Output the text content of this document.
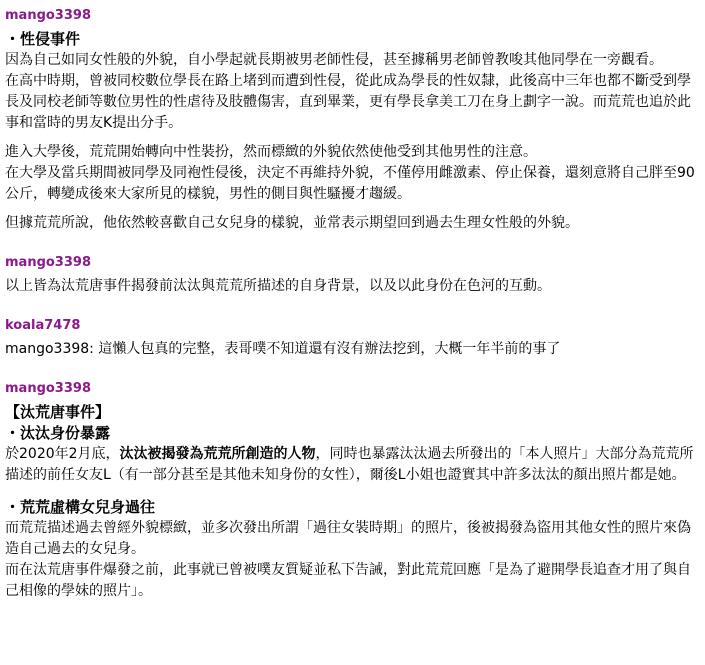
mango3398

・性侵事件

因為自己如同女性般的外貌，自小學起就長期被男老師性侵，甚至據稱男老師曾教唆其他同學在一旁觀看。

在高中時期，曾被同校數位學長在路上堵到而遭到性侵，從此成為學長的性奴隸，此後高中三年也都不斷受到學長及同校老師等數位男性的性虐待及肢體傷害，直到畢業，更有學長拿美工刀在身上劃字一說。而荒荒也追於此事和當時的男友K提出分手。

進入大學後，荒荒開始轉向中性裝扮，然而標緻的外貌依然使他受到其他男性的注意。

在大學及當兵期間被同學及同袍性侵後，決定不再維持外貌，不僅停用雌激素、停止保養，還刻意將自己胖至90公斤，轉變成後來大家所見的樣貌，男性的側目與性騷擾才趨緩。

但據荒荒所說，他依然較喜歡自己女兒身的樣貌，並常表示期望回到過去生理女性般的外貌。

mango3398

以上皆為汰荒唐事件揭發前汰汰與荒荒所描述的自身背景，以及以此身份在色河的互動。

koala7478

mango3398: 這懶人包真的完整，表哥噗不知道還有沒有辦法挖到，大概一年半前的事了

mango3398

【汰荒唐事件】

・汰汰身份暴露

於2020年2月底，汰汰被揭發為荒荒所創造的人物，同時也暴露汰汰過去所發出的「本人照片」大部分為荒荒所描述的前任女友L（有一部分甚至是其他未知身份的女性），爾後L小姐也證實其中許多汰汰的顏出照片都是她。

・荒荒虛構女兒身過往

而荒荒描述過去曾經外貌標緻，並多次發出所謂「過往女裝時期」的照片，後被揭發為盜用其他女性的照片來偽造自己過去的女兒身。

而在汰荒唐事件爆發之前，此事就已曾被噗友質疑並私下告誡，對此荒荒回應「是為了避開學長追查才用了與自己相像的學妹的照片」。
